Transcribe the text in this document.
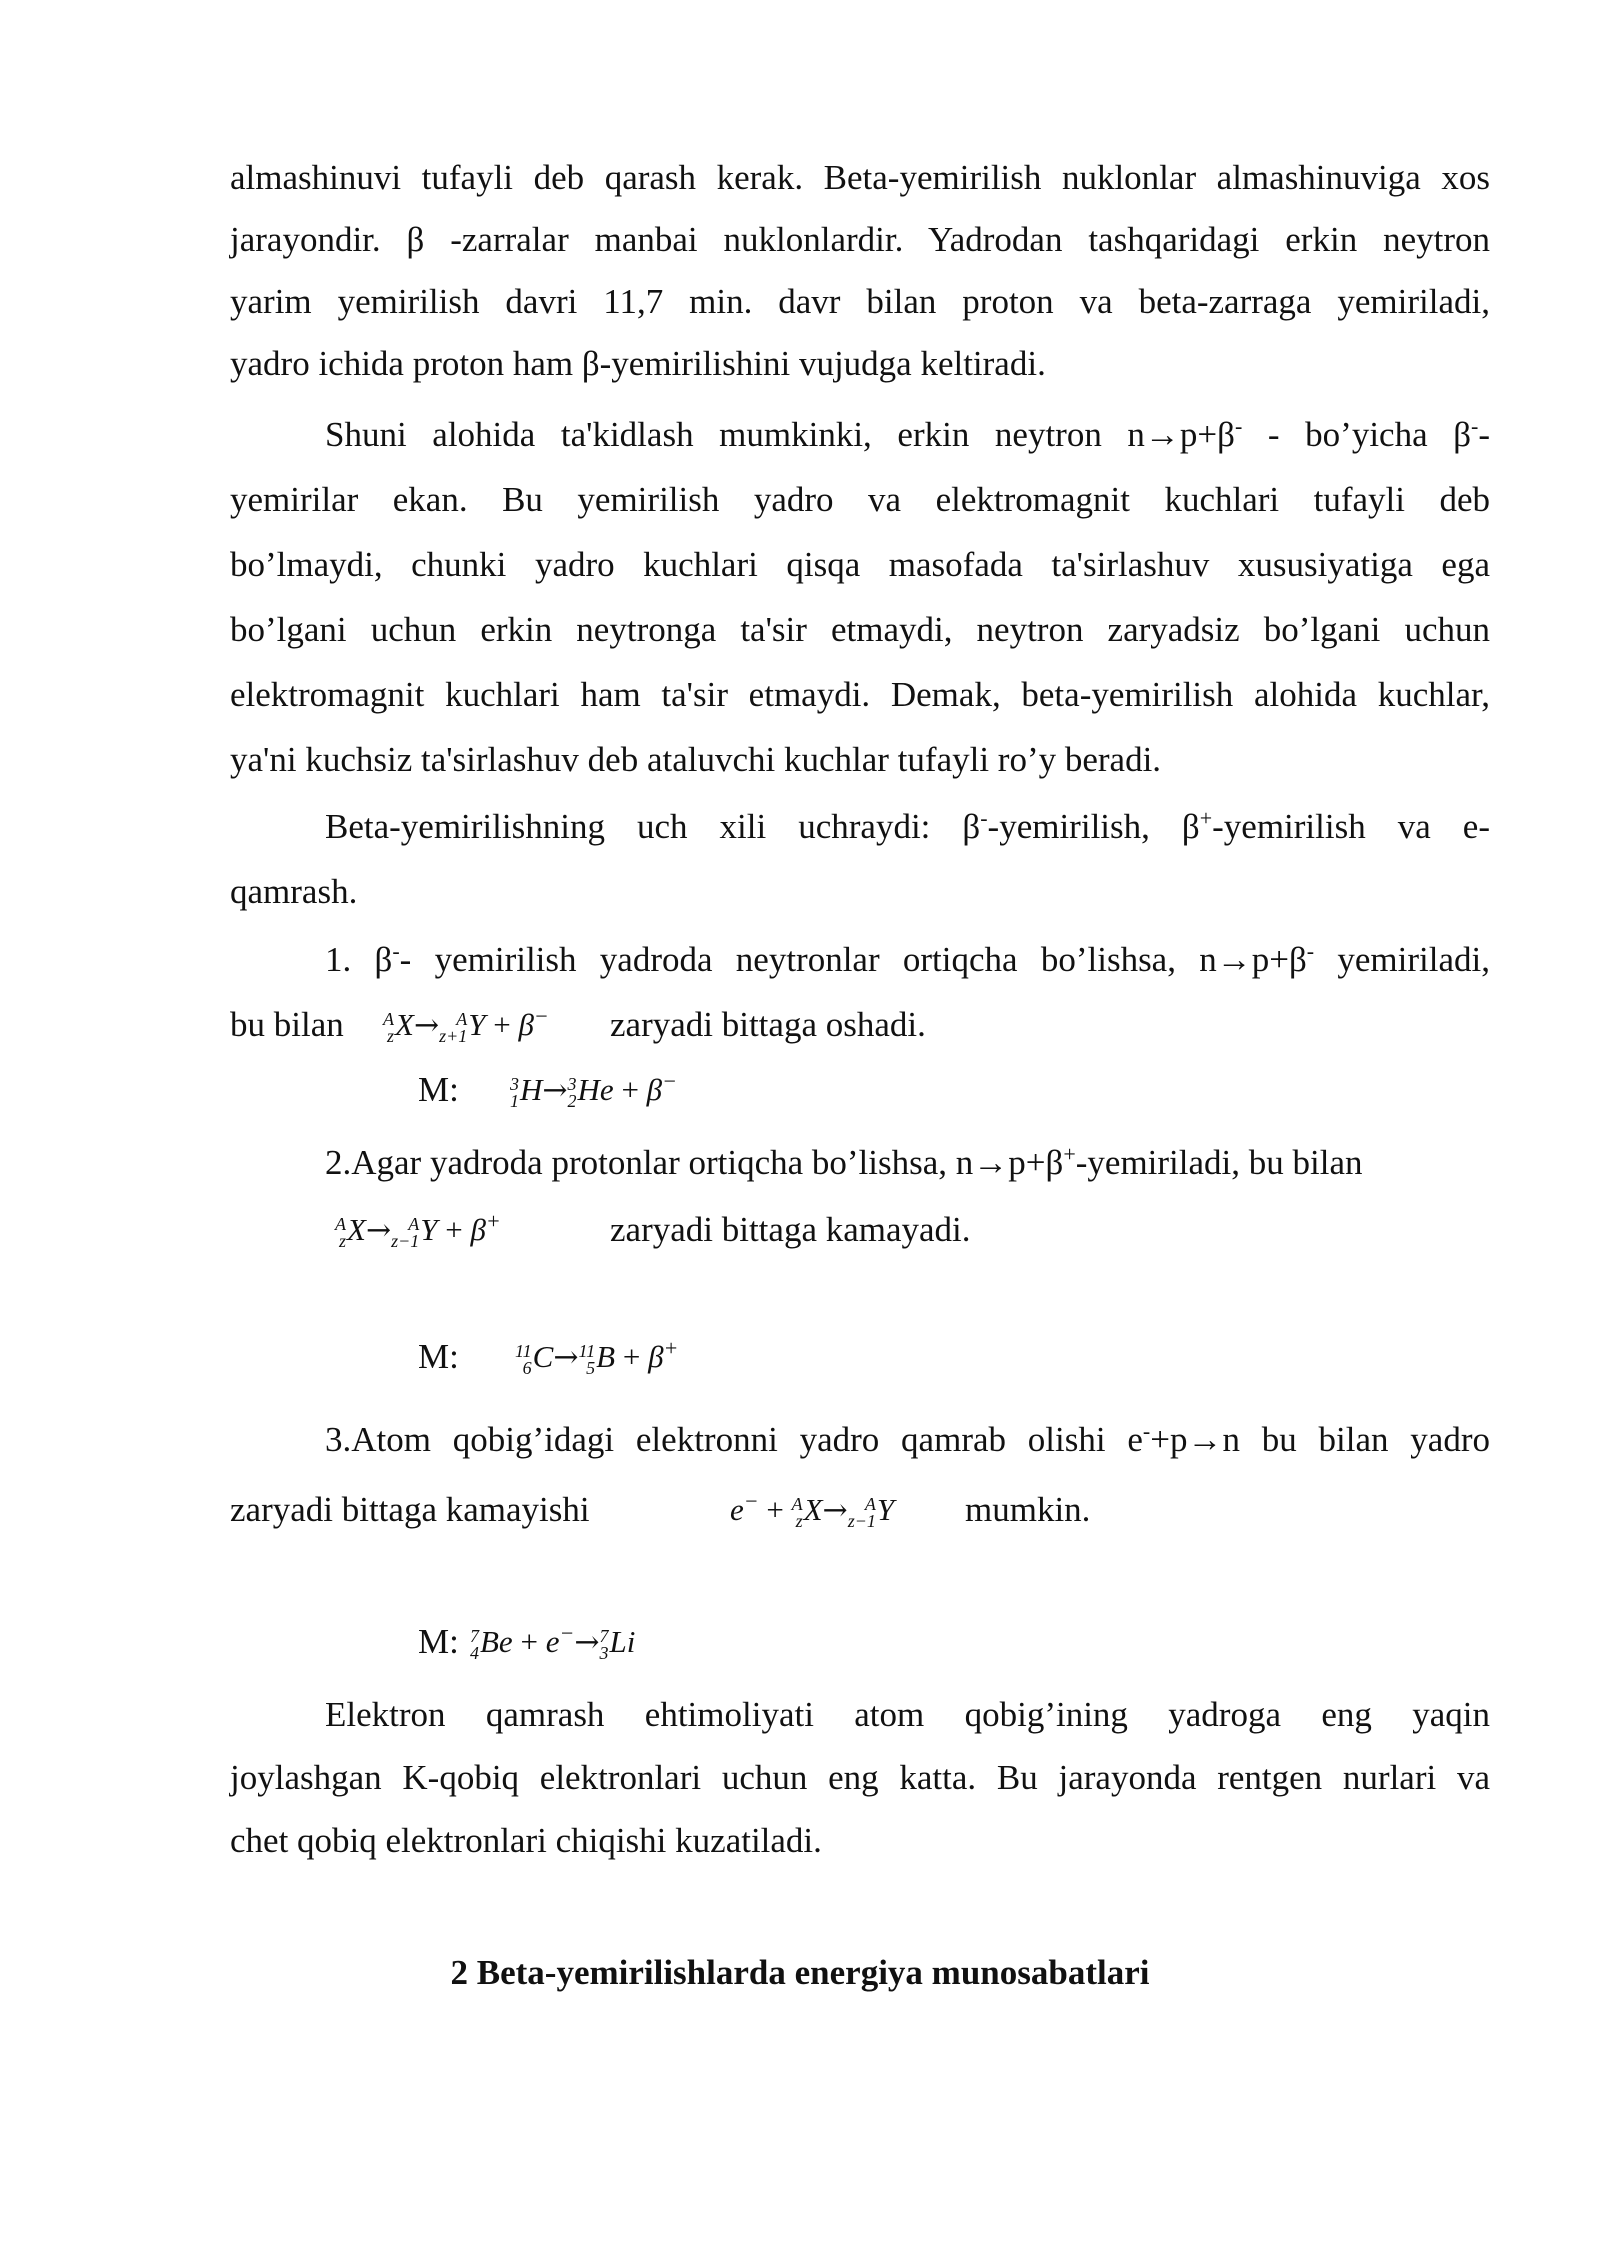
almashinuvi tufayli deb qarash kerak. Beta-yemirilish nuklonlar almashinuviga xos
jarayondir. β -zarralar manbai nuklonlardir. Yadrodan tashqaridagi erkin neytron
yarim yemirilish davri 11,7 min. davr bilan proton va beta-zarraga yemiriladi,
yadro ichida proton ham β-yemirilishini vujudga keltiradi.
Shuni alohida ta'kidlash mumkinki, erkin neytron n→p+β- - bo’yicha β--
yemirilar ekan. Bu yemirilish yadro va elektromagnit kuchlari tufayli deb
bo’lmaydi, chunki yadro kuchlari qisqa masofada ta'sirlashuv xususiyatiga ega
bo’lgani uchun erkin neytronga ta'sir etmaydi, neytron zaryadsiz bo’lgani uchun
elektromagnit kuchlari ham ta'sir etmaydi. Demak, beta-yemirilish alohida kuchlar,
ya'ni kuchsiz ta'sirlashuv deb ataluvchi kuchlar tufayli ro’y beradi.
Beta-yemirilishning uch xili uchraydi: β--yemirilish, β+-yemirilish va e-
qamrash.
1. β-- yemirilish yadroda neytronlar ortiqcha bo’lishsa, n→p+β- yemiriladi,
bu bilan A
z X→ A
z+1 Y + β− zaryadi bittaga oshadi.
M:	3
1 H→ 3
2 He + β−
2.Agar yadroda protonlar ortiqcha bo’lishsa, n→p+β+-yemiriladi, bu bilan
A
z X→ A
z−1 Y + β+	zaryadi bittaga kamayadi.
M:	11
6 C→ 11
5 B + β+
3.Atom qobig’idagi elektronni yadro qamrab olishi e-+p→n bu bilan yadro
zaryadi bittaga kamayishi	e− + A
z X→ A
z−1 Y mumkin.
M: 7
4 Be + e−→ 7
3 Li
Elektron qamrash ehtimoliyati atom qobig’ining yadroga eng yaqin
joylashgan K-qobiq elektronlari uchun eng katta. Bu jarayonda rentgen nurlari va
chet qobiq elektronlari chiqishi kuzatiladi.
2 Beta-yemirilishlarda energiya munosabatlari
